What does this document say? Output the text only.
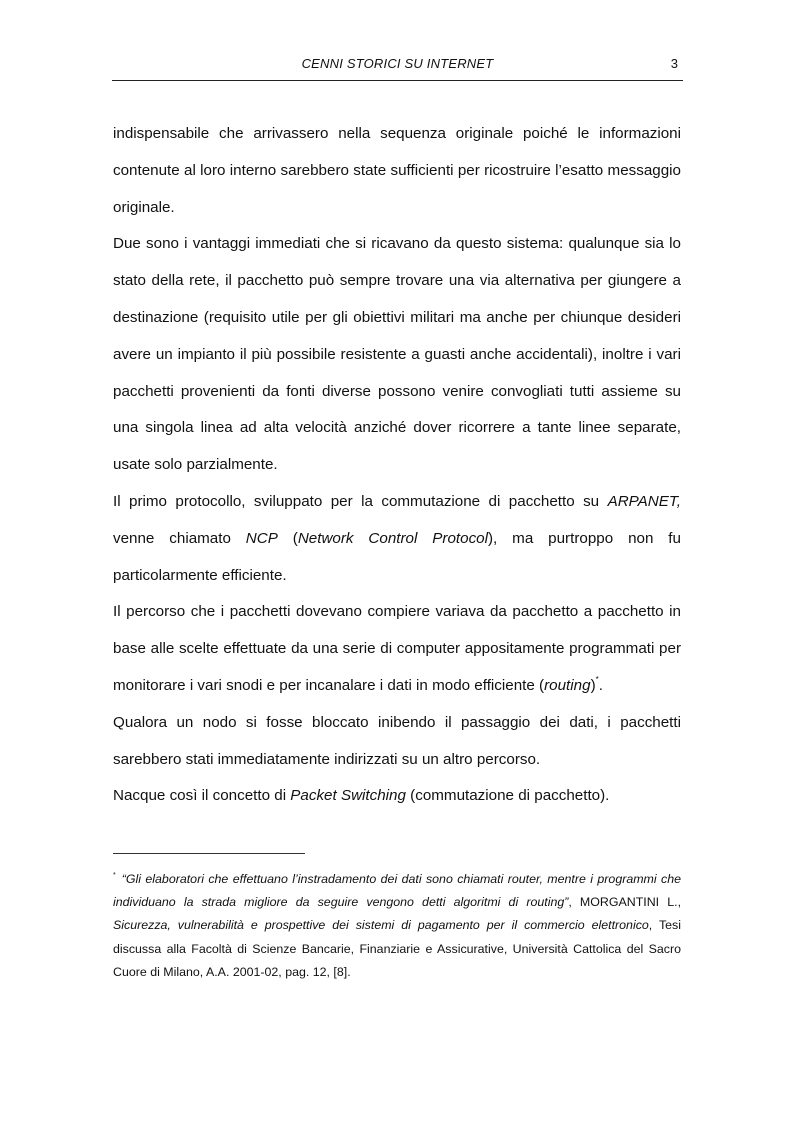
CENNI STORICI SU INTERNET	3

indispensabile che arrivassero nella sequenza originale poiché le informazioni contenute al loro interno sarebbero state sufficienti per ricostruire l’esatto messaggio originale.

Due sono i vantaggi immediati che si ricavano da questo sistema: qualunque sia lo stato della rete, il pacchetto può sempre trovare una via alternativa per giungere a destinazione (requisito utile per gli obiettivi militari ma anche per chiunque desideri avere un impianto il più possibile resistente a guasti anche accidentali), inoltre i vari pacchetti provenienti da fonti diverse possono venire convogliati tutti assieme su una singola linea ad alta velocità anziché dover ricorrere a tante linee separate, usate solo parzialmente.

Il primo protocollo, sviluppato per la commutazione di pacchetto su ARPANET, venne chiamato NCP (Network Control Protocol), ma purtroppo non fu particolarmente efficiente.

Il percorso che i pacchetti dovevano compiere variava da pacchetto a pacchetto in base alle scelte effettuate da una serie di computer appositamente programmati per monitorare i vari snodi e per incanalare i dati in modo efficiente (routing)*.

Qualora un nodo si fosse bloccato inibendo il passaggio dei dati, i pacchetti sarebbero stati immediatamente indirizzati su un altro percorso.

Nacque così il concetto di Packet Switching (commutazione di pacchetto).

* “Gli elaboratori che effettuano l’instradamento dei dati sono chiamati router, mentre i programmi che individuano la strada migliore da seguire vengono detti algoritmi di routing”, MORGANTINI L., Sicurezza, vulnerabilità e prospettive dei sistemi di pagamento per il commercio elettronico, Tesi discussa alla Facoltà di Scienze Bancarie, Finanziarie e Assicurative, Università Cattolica del Sacro Cuore di Milano, A.A. 2001-02, pag. 12, [8].
